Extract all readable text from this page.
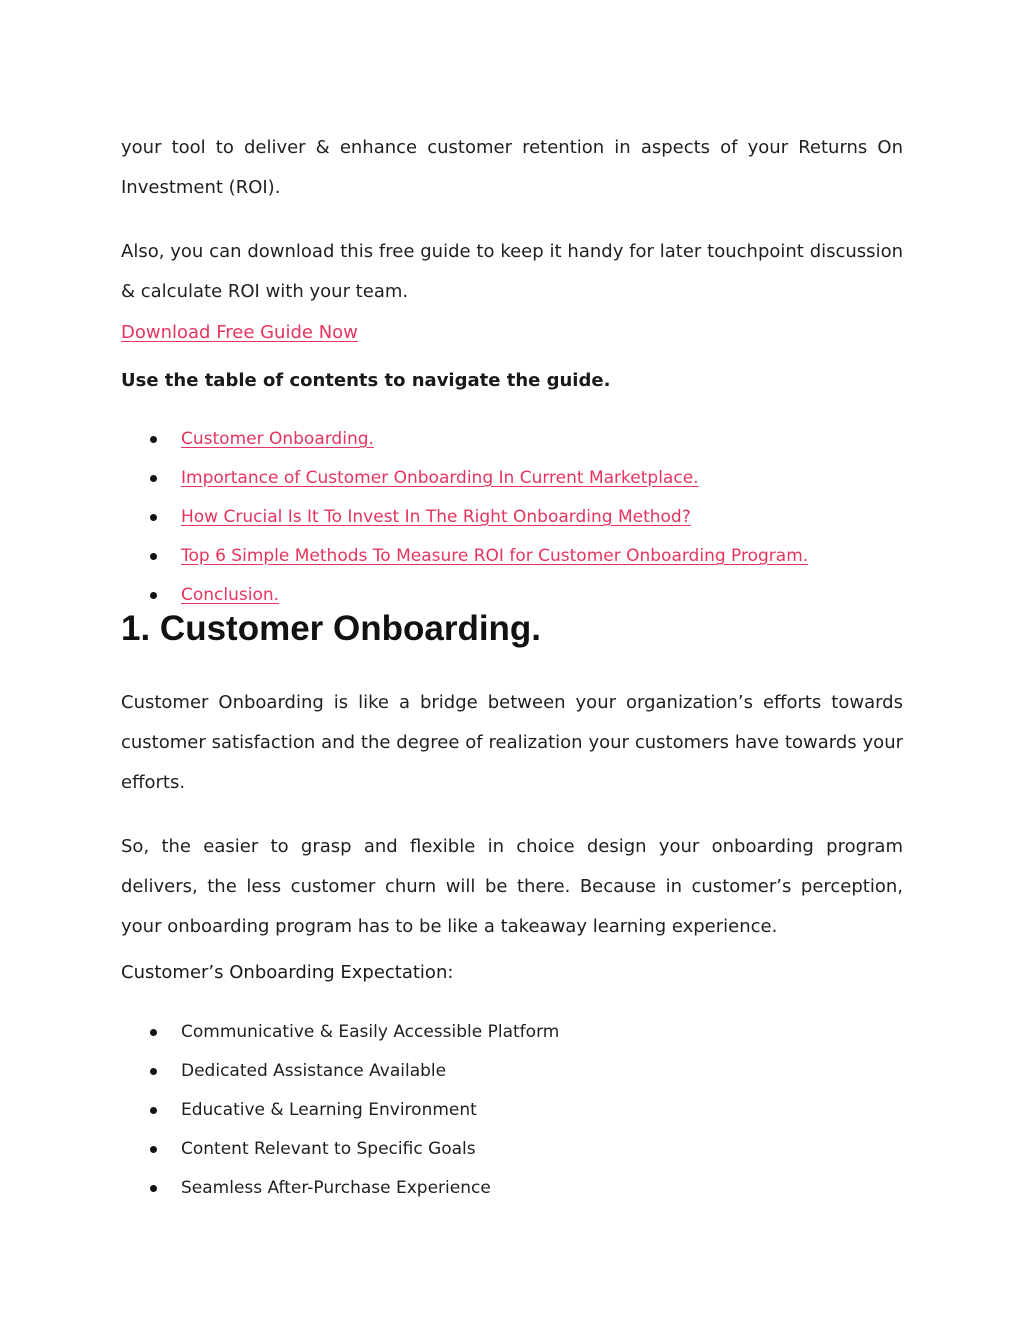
your tool to deliver & enhance customer retention in aspects of your Returns On Investment (ROI).

Also, you can download this free guide to keep it handy for later touchpoint discussion & calculate ROI with your team.

Download Free Guide Now

Use the table of contents to navigate the guide.

Customer Onboarding.
Importance of Customer Onboarding In Current Marketplace.
How Crucial Is It To Invest In The Right Onboarding Method?
Top 6 Simple Methods To Measure ROI for Customer Onboarding Program.
Conclusion.
1. Customer Onboarding.

Customer Onboarding is like a bridge between your organization’s efforts towards customer satisfaction and the degree of realization your customers have towards your efforts.

So, the easier to grasp and flexible in choice design your onboarding program delivers, the less customer churn will be there. Because in customer’s perception, your onboarding program has to be like a takeaway learning experience.

Customer’s Onboarding Expectation:

Communicative & Easily Accessible Platform
Dedicated Assistance Available
Educative & Learning Environment
Content Relevant to Specific Goals
Seamless After-Purchase Experience
